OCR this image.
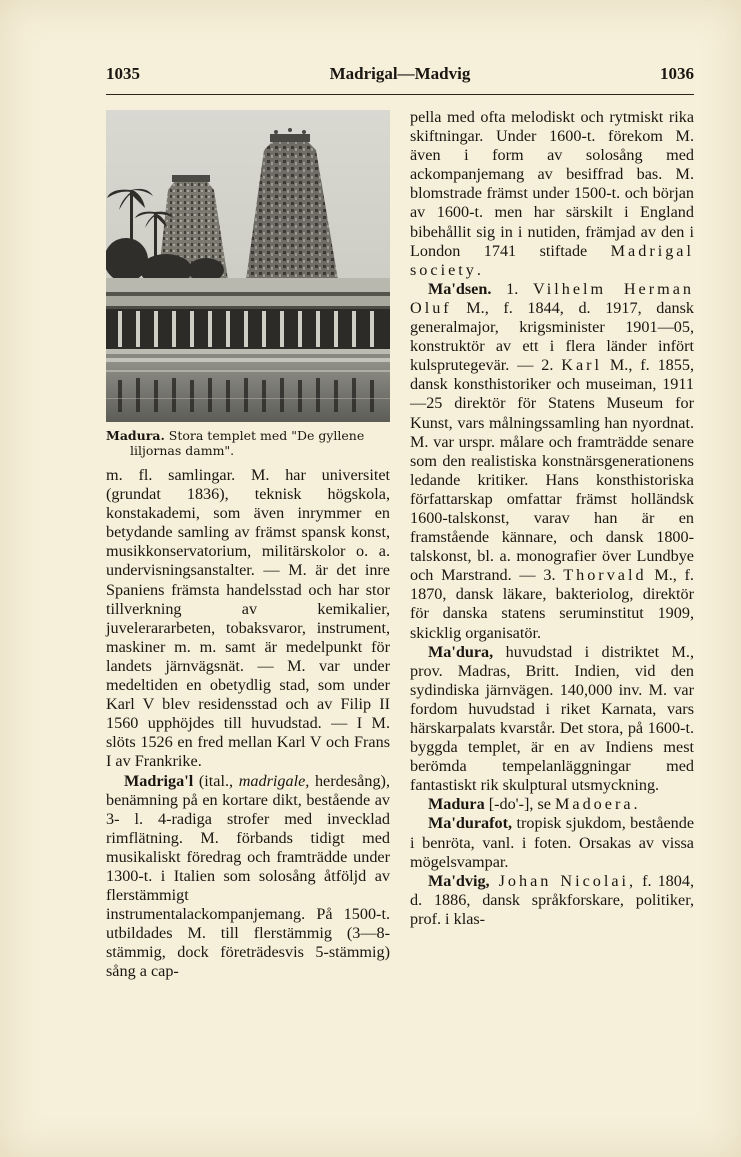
1035	Madrigal—Madvig	1036
Madura. Stora templet med "De gyllene
liljornas damm".

m. fl. samlingar. M. har universitet (grundat 1836), teknisk högskola, konstakademi, som även inrymmer en betydande samling av främst spansk konst, musikkonservatorium, militärskolor o. a. undervisningsanstalter. — M. är det inre Spaniens främsta handelsstad och har stor tillverkning av kemikalier, juvelerararbeten, tobaksvaror, instrument, maskiner m. m. samt är medelpunkt för landets järnvägsnät. — M. var under medeltiden en obetydlig stad, som under Karl V blev residensstad och av Filip II 1560 upphöjdes till huvudstad. — I M. slöts 1526 en fred mellan Karl V och Frans I av Frankrike.

Madriga'l (ital., madrigale, herdesång), benämning på en kortare dikt, bestående av 3- l. 4-radiga strofer med invecklad rimflätning. M. förbands tidigt med musikaliskt föredrag och framträdde under 1300-t. i Italien som solosång åtföljd av flerstämmigt instrumentalackompanjemang. På 1500-t. utbildades M. till flerstämmig (3—8-stämmig, dock företrädesvis 5-stämmig) sång a cap-

pella med ofta melodiskt och rytmiskt rika skiftningar. Under 1600-t. förekom M. även i form av solosång med ackompanjemang av besiffrad bas. M. blomstrade främst under 1500-t. och början av 1600-t. men har särskilt i England bibehållit sig in i nutiden, främjad av den i London 1741 stiftade Madrigal society.

Ma'dsen. 1. Vilhelm Herman Oluf M., f. 1844, d. 1917, dansk generalmajor, krigsminister 1901—05, konstruktör av ett i flera länder infört kulsprutegevär. — 2. Karl M., f. 1855, dansk konsthistoriker och museiman, 1911—25 direktör för Statens Museum for Kunst, vars målningssamling han nyordnat. M. var urspr. målare och framträdde senare som den realistiska konstnärsgenerationens ledande kritiker. Hans konsthistoriska författarskap omfattar främst holländsk 1600-talskonst, varav han är en framstående kännare, och dansk 1800-talskonst, bl. a. monografier över Lundbye och Marstrand. — 3. Thorvald M., f. 1870, dansk läkare, bakteriolog, direktör för danska statens seruminstitut 1909, skicklig organisatör.

Ma'dura, huvudstad i distriktet M., prov. Madras, Britt. Indien, vid den sydindiska järnvägen. 140,000 inv. M. var fordom huvudstad i riket Karnata, vars härskarpalats kvarstår. Det stora, på 1600-t. byggda templet, är en av Indiens mest berömda tempelanläggningar med fantastiskt rik skulptural utsmyckning.

Madura [-do'-], se Madoera.

Ma'durafot, tropisk sjukdom, bestående i benröta, vanl. i foten. Orsakas av vissa mögelsvampar.

Ma'dvig, Johan Nicolai, f. 1804, d. 1886, dansk språkforskare, politiker, prof. i klas-
